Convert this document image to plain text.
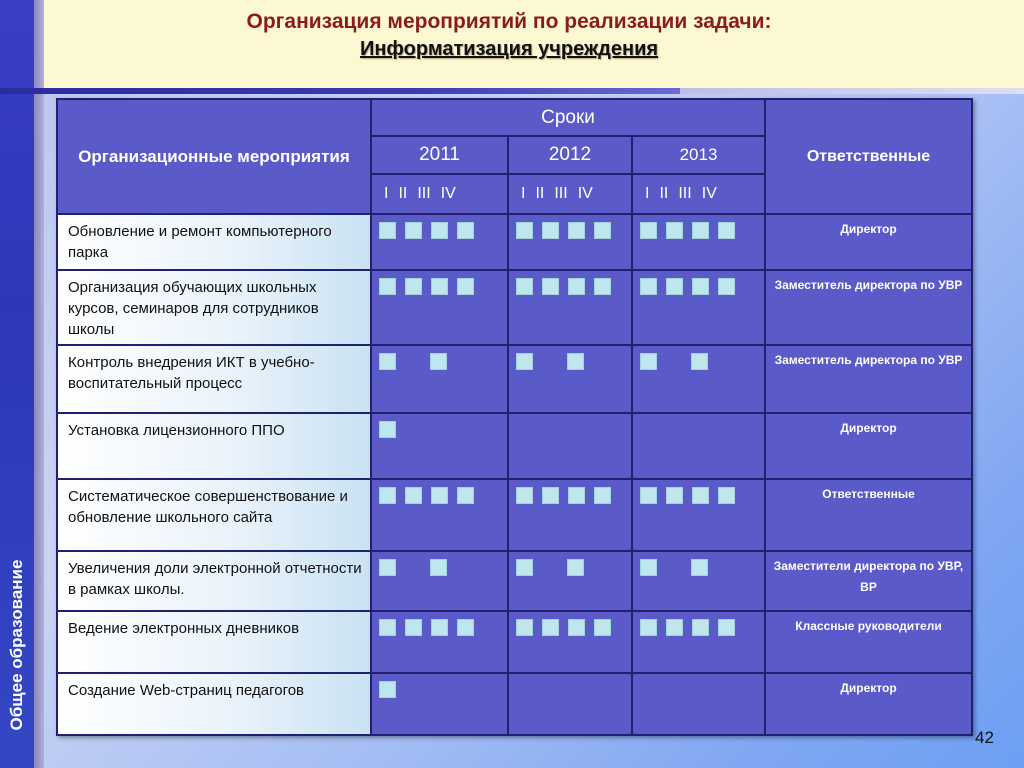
Общее образование
Организация мероприятий по реализации задачи:
Информатизация учреждения
Организационные мероприятия	Сроки			Ответственные
	2011	2012	2013	

	I II III IV	I II III IV	I II III IV	

Обновление и ремонт компьютерного парка				Директор
Организация обучающих школьных курсов, семинаров для сотрудников школы				Заместитель директора по УВР
Контроль внедрения ИКТ в учебно-воспитательный процесс				Заместитель директора по УВР
Установка лицензионного ППО				Директор
Систематическое совершенствование и обновление школьного сайта				Ответственные
Увеличения доли электронной отчетности в рамках школы.				Заместители директора по УВР, ВР
Ведение электронных дневников				Классные руководители
Создание Web-страниц педагогов				Директор
42
